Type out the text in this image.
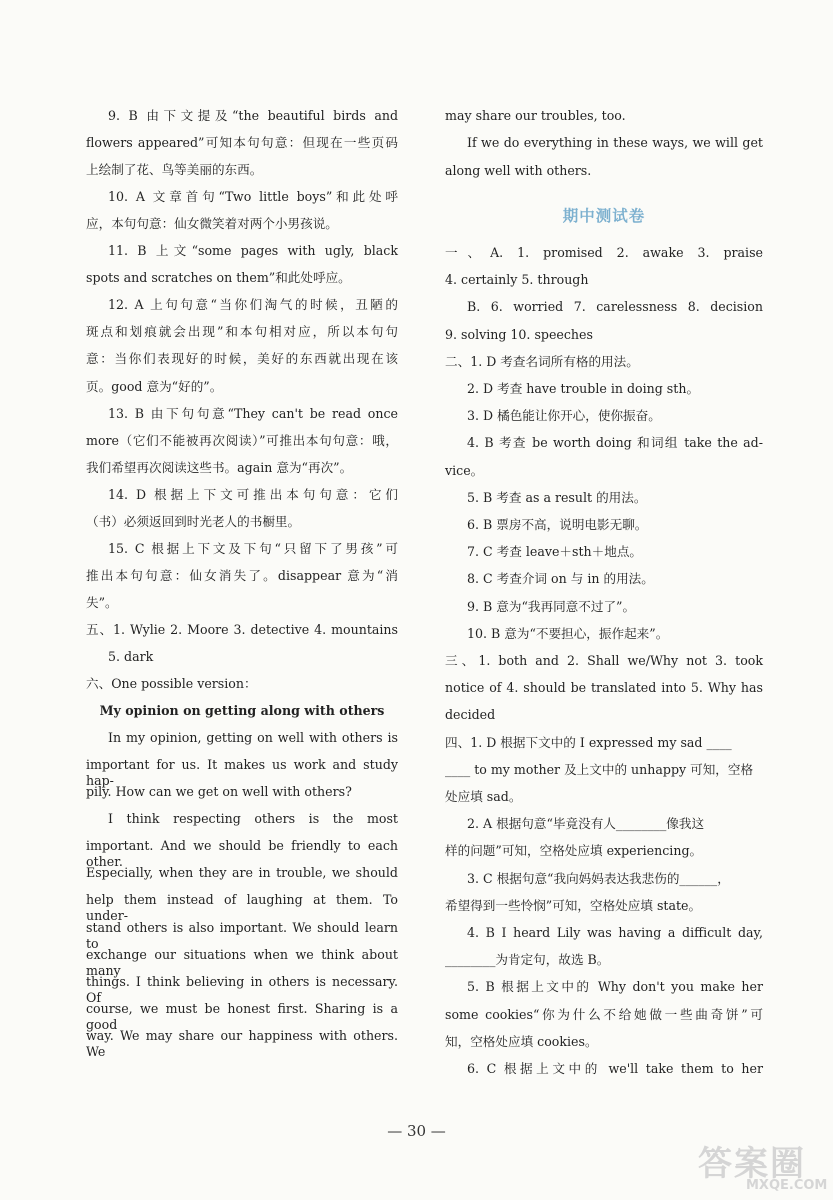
9. B 由下文提及“the beautiful birds and
flowers appeared”可知本句句意：但现在一些页码
上绘制了花、鸟等美丽的东西。
10. A 文章首句“Two little boys”和此处呼
应，本句句意：仙女微笑着对两个小男孩说。
11. B 上文“some pages with ugly, black
spots and scratches on them”和此处呼应。
12. A 上句句意“当你们淘气的时候，丑陋的
斑点和划痕就会出现”和本句相对应，所以本句句
意：当你们表现好的时候，美好的东西就出现在该
页。good 意为“好的”。
13. B 由下句句意“They can't be read once
more（它们不能被再次阅读）”可推出本句句意：哦，
我们希望再次阅读这些书。again 意为“再次”。
14. D 根据上下文可推出本句句意：它们
（书）必须返回到时光老人的书橱里。
15. C 根据上下文及下句“只留下了男孩”可
推出本句句意：仙女消失了。disappear 意为“消
失”。
五、1. Wylie 2. Moore 3. detective 4. mountains
5. dark
六、One possible version：
My opinion on getting along with others
In my opinion, getting on well with others is
important for us. It makes us work and study hap-
pily. How can we get on well with others?
I think respecting others is the most
important. And we should be friendly to each other.
Especially, when they are in trouble, we should
help them instead of laughing at them. To under-
stand others is also important. We should learn to
exchange our situations when we think about many
things. I think believing in others is necessary. Of
course, we must be honest first. Sharing is a good
way. We may share our happiness with others. We
may share our troubles, too.
If we do everything in these ways, we will get
along well with others.
期中测试卷
一、A. 1. promised 2. awake 3. praise
4. certainly 5. through
B. 6. worried 7. carelessness 8. decision
9. solving 10. speeches
二、1. D 考查名词所有格的用法。
2. D 考查 have trouble in doing sth。
3. D 橘色能让你开心，使你振奋。
4. B 考查 be worth doing 和词组 take the ad-
vice。
5. B 考查 as a result 的用法。
6. B 票房不高，说明电影无聊。
7. C 考查 leave＋sth＋地点。
8. C 考查介词 on 与 in 的用法。
9. B 意为“我再同意不过了”。
10. B 意为“不要担心，振作起来”。
三、1. both and 2. Shall we/Why not 3. took
notice of 4. should be translated into 5. Why has
decided
四、1. D 根据下文中的 I expressed my sad ____
____ to my mother 及上文中的 unhappy 可知，空格
处应填 sad。
2. A 根据句意“毕竟没有人________像我这
样的问题”可知，空格处应填 experiencing。
3. C 根据句意“我向妈妈表达我悲伤的______，
希望得到一些怜悯”可知，空格处应填 state。
4. B I heard Lily was having a difficult day,
________为肯定句，故选 B。
5. B 根据上文中的 Why don't you make her
some cookies“你为什么不给她做一些曲奇饼”可
知，空格处应填 cookies。
6. C 根据上文中的 we'll take them to her
— 30 —
答案圈
MXQE.COM
